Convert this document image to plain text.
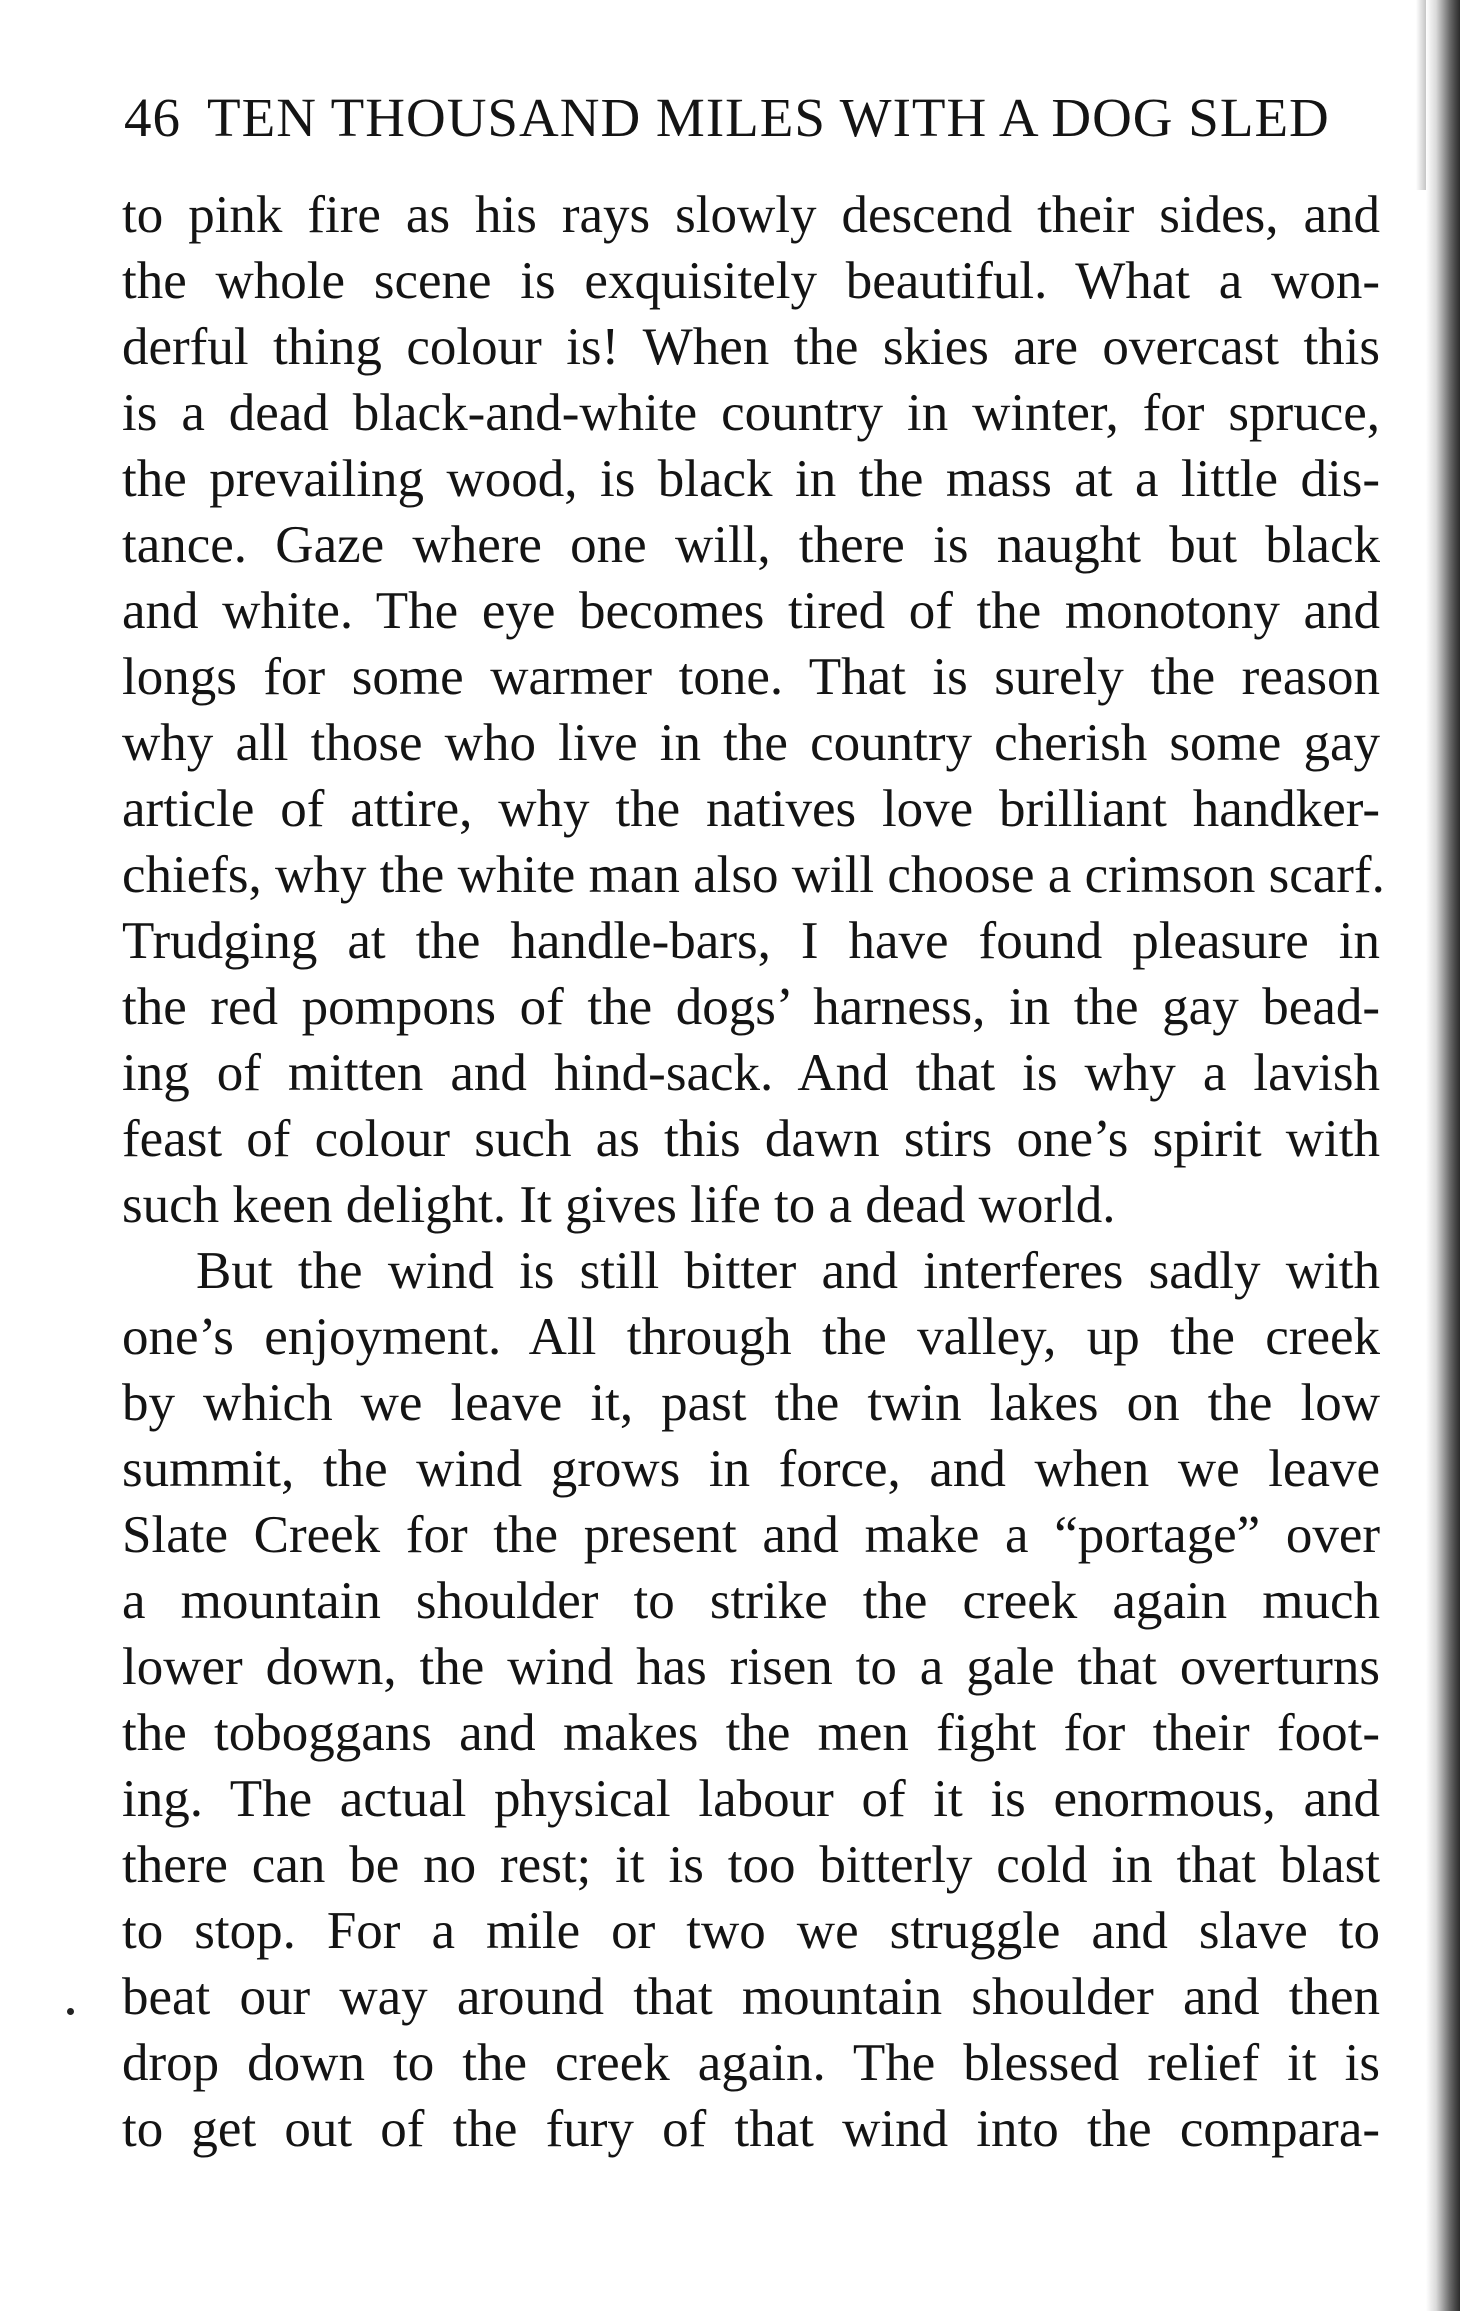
46 TEN THOUSAND MILES WITH A DOG SLED
to pink fire as his rays slowly descend their sides, and
the whole scene is exquisitely beautiful. What a won-
derful thing colour is! When the skies are overcast this
is a dead black-and-white country in winter, for spruce,
the prevailing wood, is black in the mass at a little dis-
tance. Gaze where one will, there is naught but black
and white. The eye becomes tired of the monotony and
longs for some warmer tone. That is surely the reason
why all those who live in the country cherish some gay
article of attire, why the natives love brilliant handker-
chiefs, why the white man also will choose a crimson scarf.
Trudging at the handle-bars, I have found pleasure in
the red pompons of the dogs’ harness, in the gay bead-
ing of mitten and hind-sack. And that is why a lavish
feast of colour such as this dawn stirs one’s spirit with
such keen delight. It gives life to a dead world.
But the wind is still bitter and interferes sadly with
one’s enjoyment. All through the valley, up the creek
by which we leave it, past the twin lakes on the low
summit, the wind grows in force, and when we leave
Slate Creek for the present and make a “portage” over
a mountain shoulder to strike the creek again much
lower down, the wind has risen to a gale that overturns
the toboggans and makes the men fight for their foot-
ing. The actual physical labour of it is enormous, and
there can be no rest; it is too bitterly cold in that blast
to stop. For a mile or two we struggle and slave to
beat our way around that mountain shoulder and then
drop down to the creek again. The blessed relief it is
to get out of the fury of that wind into the compara-
